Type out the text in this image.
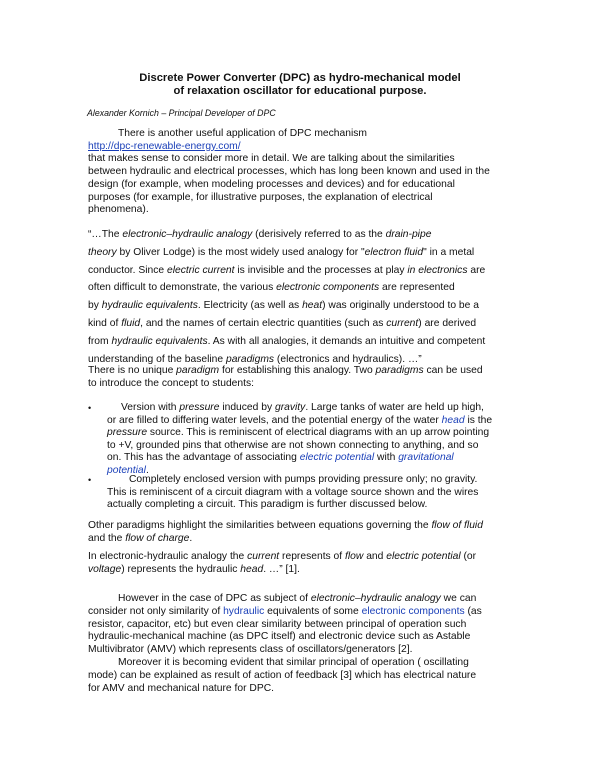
Discrete Power Converter (DPC) as hydro-mechanical model
of relaxation oscillator for educational purpose.
Alexander Kornich – Principal Developer of DPC
There is another useful application of DPC mechanism
http://dpc-renewable-energy.com/
that makes sense to consider more in detail. We are talking about the similarities
between hydraulic and electrical processes, which has long been known and used in the
design (for example, when modeling processes and devices) and for educational
purposes (for example, for illustrative purposes, the explanation of electrical
phenomena).
“…The electronic–hydraulic analogy (derisively referred to as the drain-pipe
theory by Oliver Lodge) is the most widely used analogy for "electron fluid" in a metal
conductor. Since electric current is invisible and the processes at play in electronics are
often difficult to demonstrate, the various electronic components are represented
by hydraulic equivalents. Electricity (as well as heat) was originally understood to be a
kind of fluid, and the names of certain electric quantities (such as current) are derived
from hydraulic equivalents. As with all analogies, it demands an intuitive and competent
understanding of the baseline paradigms (electronics and hydraulics). …”
There is no unique paradigm for establishing this analogy. Two paradigms can be used
to introduce the concept to students:
•	Version with pressure induced by gravity. Large tanks of water are held up high,
or are filled to differing water levels, and the potential energy of the water head is the
pressure source. This is reminiscent of electrical diagrams with an up arrow pointing
to +V, grounded pins that otherwise are not shown connecting to anything, and so
on. This has the advantage of associating electric potential with gravitational
potential.
•	Completely enclosed version with pumps providing pressure only; no gravity.
This is reminiscent of a circuit diagram with a voltage source shown and the wires
actually completing a circuit. This paradigm is further discussed below.
Other paradigms highlight the similarities between equations governing the flow of fluid
and the flow of charge.
In electronic-hydraulic analogy the current represents of flow and electric potential (or
voltage) represents the hydraulic head. …” [1].
However in the case of DPC as subject of electronic–hydraulic analogy we can
consider not only similarity of hydraulic equivalents of some electronic components (as
resistor, capacitor, etc) but even clear similarity between principal of operation such
hydraulic-mechanical machine (as DPC itself) and electronic device such as Astable
Multivibrator (AMV) which represents class of oscillators/generators [2].
Moreover it is becoming evident that similar principal of operation ( oscillating
mode) can be explained as result of action of feedback [3] which has electrical nature
for AMV and mechanical nature for DPC.
